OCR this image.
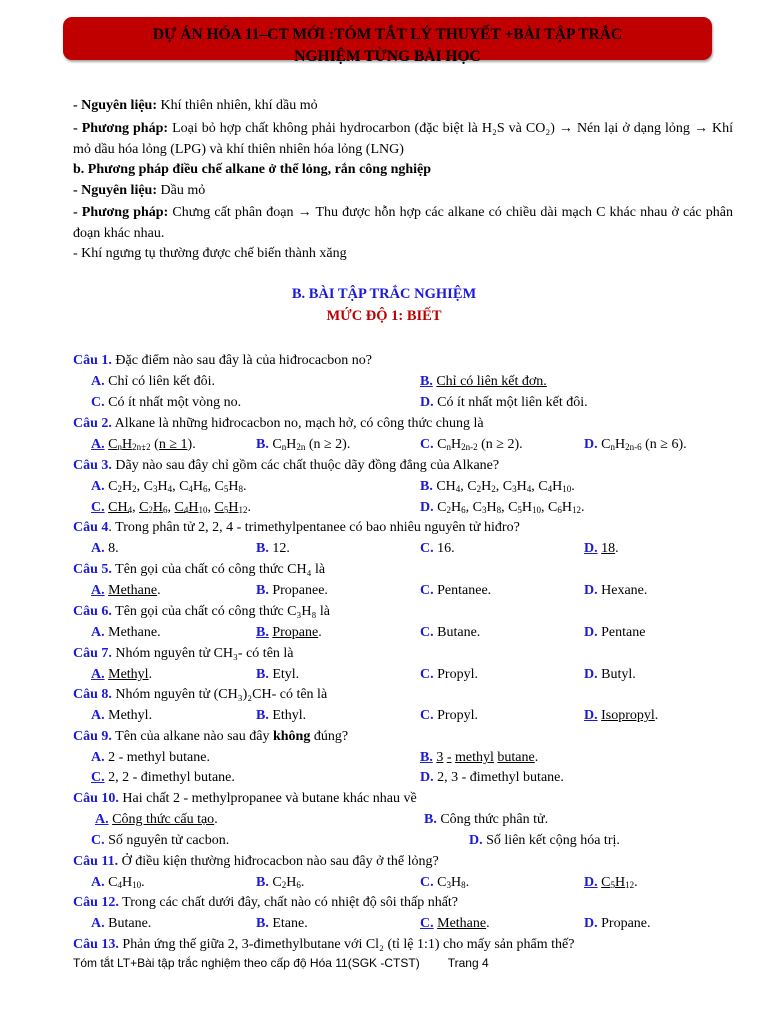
DỰ ÁN HÓA 11–CT MỚI :TÓM TẮT LÝ THUYẾT +BÀI TẬP TRẮC
NGHIỆM TỪNG BÀI HỌC
- Nguyên liệu: Khí thiên nhiên, khí dầu mỏ
- Phương pháp: Loại bỏ hợp chất không phải hydrocarbon (đặc biệt là H₂S và CO₂) → Nén lại ở dạng lỏng → Khí mỏ dầu hóa lỏng (LPG) và khí thiên nhiên hóa lỏng (LNG)
b. Phương pháp điều chế alkane ở thể lỏng, rắn công nghiệp
- Nguyên liệu: Dầu mỏ
- Phương pháp: Chưng cất phân đoạn → Thu được hỗn hợp các alkane có chiều dài mạch C khác nhau ở các phân đoạn khác nhau.
- Khí ngưng tụ thường được chế biến thành xăng
B. BÀI TẬP TRẮC NGHIỆM
MỨC ĐỘ 1: BIẾT
Câu 1. Đặc điểm nào sau đây là của hiđrocacbon no?
A. Chỉ có liên kết đôi.	B. Chỉ có liên kết đơn.
C. Có ít nhất một vòng no.	D. Có ít nhất một liên kết đôi.
Câu 2. Alkane là những hiđrocacbon no, mạch hở, có công thức chung là
A. $C_nH_{2n+2}$ (n ≥ 1).	B. $C_nH_{2n}$ (n ≥ 2).	C. $C_nH_{2n-2}$ (n ≥ 2).	D. $C_nH_{2n-6}$ (n ≥ 6).
Câu 3. Dãy nào sau đây chỉ gồm các chất thuộc dãy đồng đẳng của Alkane?
A. $C_2H_2$, $C_3H_4$, $C_4H_6$, $C_5H_8$.	B. $CH_4$, $C_2H_2$, $C_3H_4$, $C_4H_{10}$.
C. $CH_4$, $C_2H_6$, $C_4H_{10}$, $C_5H_{12}$.	D. $C_2H_6$, $C_3H_8$, $C_5H_{10}$, $C_6H_{12}$.
Câu 4. Trong phân tử 2, 2, 4 - trimethylpentanee có bao nhiêu nguyên tử hiđro?
A. 8.	B. 12.	C. 16.	D. 18.
Câu 5. Tên gọi của chất có công thức CH₄ là
A. Methane.	B. Propanee.	C. Pentanee.	D. Hexane.
Câu 6. Tên gọi của chất có công thức C₃H₈ là
A. Methane.	B. Propane.	C. Butane.	D. Pentane
Câu 7. Nhóm nguyên tử CH₃- có tên là
A. Methyl.	B. Etyl.	C. Propyl.	D. Butyl.
Câu 8. Nhóm nguyên tử (CH₃)₂CH- có tên là
A. Methyl.	B. Ethyl.	C. Propyl.	D. Isopropyl.
Câu 9. Tên của alkane nào sau đây không đúng?
A. 2 - methyl butane.	B. 3 - methyl butane.
C. 2, 2 - đimethyl butane.	D. 2, 3 - đimethyl butane.
Câu 10. Hai chất 2 - methylpropanee và butane khác nhau về
A. Công thức cấu tạo.	B. Công thức phân tử.
C. Số nguyên tử cacbon.	D. Số liên kết cộng hóa trị.
Câu 11. Ở điều kiện thường hiđrocacbon nào sau đây ở thể lỏng?
A. $C_4H_{10}$.	B. $C_2H_6$.	C. $C_3H_8$.	D. $C_5H_{12}$.
Câu 12. Trong các chất dưới đây, chất nào có nhiệt độ sôi thấp nhất?
A. Butane.	B. Etane.	C. Methane.	D. Propane.
Câu 13. Phản ứng thế giữa 2, 3-đimethylbutane với Cl₂ (tỉ lệ 1:1) cho mấy sản phẩm thế?
Tóm tắt LT+Bài tập trắc nghiệm theo cấp độ Hóa 11(SGK -CTST) Trang 4
